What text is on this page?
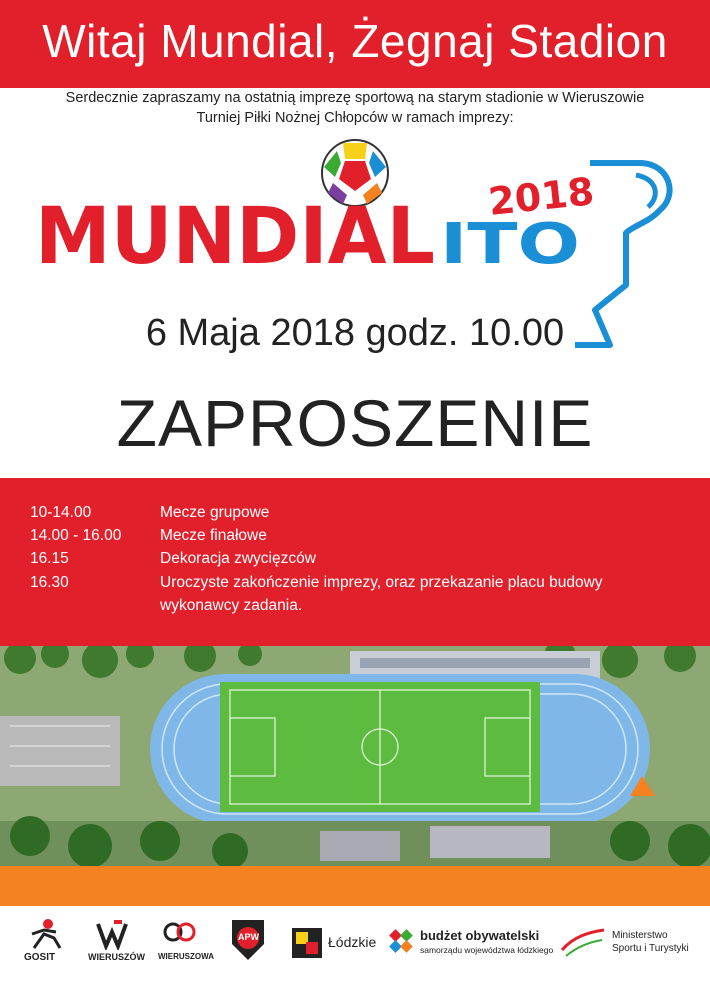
Witaj Mundial, Żegnaj Stadion
Serdecznie zapraszamy na ostatnią imprezę sportową na starym stadionie w Wieruszowie
Turniej Piłki Nożnej Chłopców w ramach imprezy:
MUNDIAL 2018
ITO
6 Maja 2018 godz. 10.00
ZAPROSZENIE
10-14.00	Mecze grupowe
14.00 - 16.00 Mecze finałowe
16.15	Dekoracja zwycięzców
16.30	Uroczyste zakończenie imprezy, oraz przekazanie placu budowy
wykonawcy zadania.
GOSIT	WIERUSZÓW WIERUSZOWA
APW	Łódzkie	budżet obywatelski
samorządu województwa łódzkiego
Ministerstwo
Sportu i Turystyki
